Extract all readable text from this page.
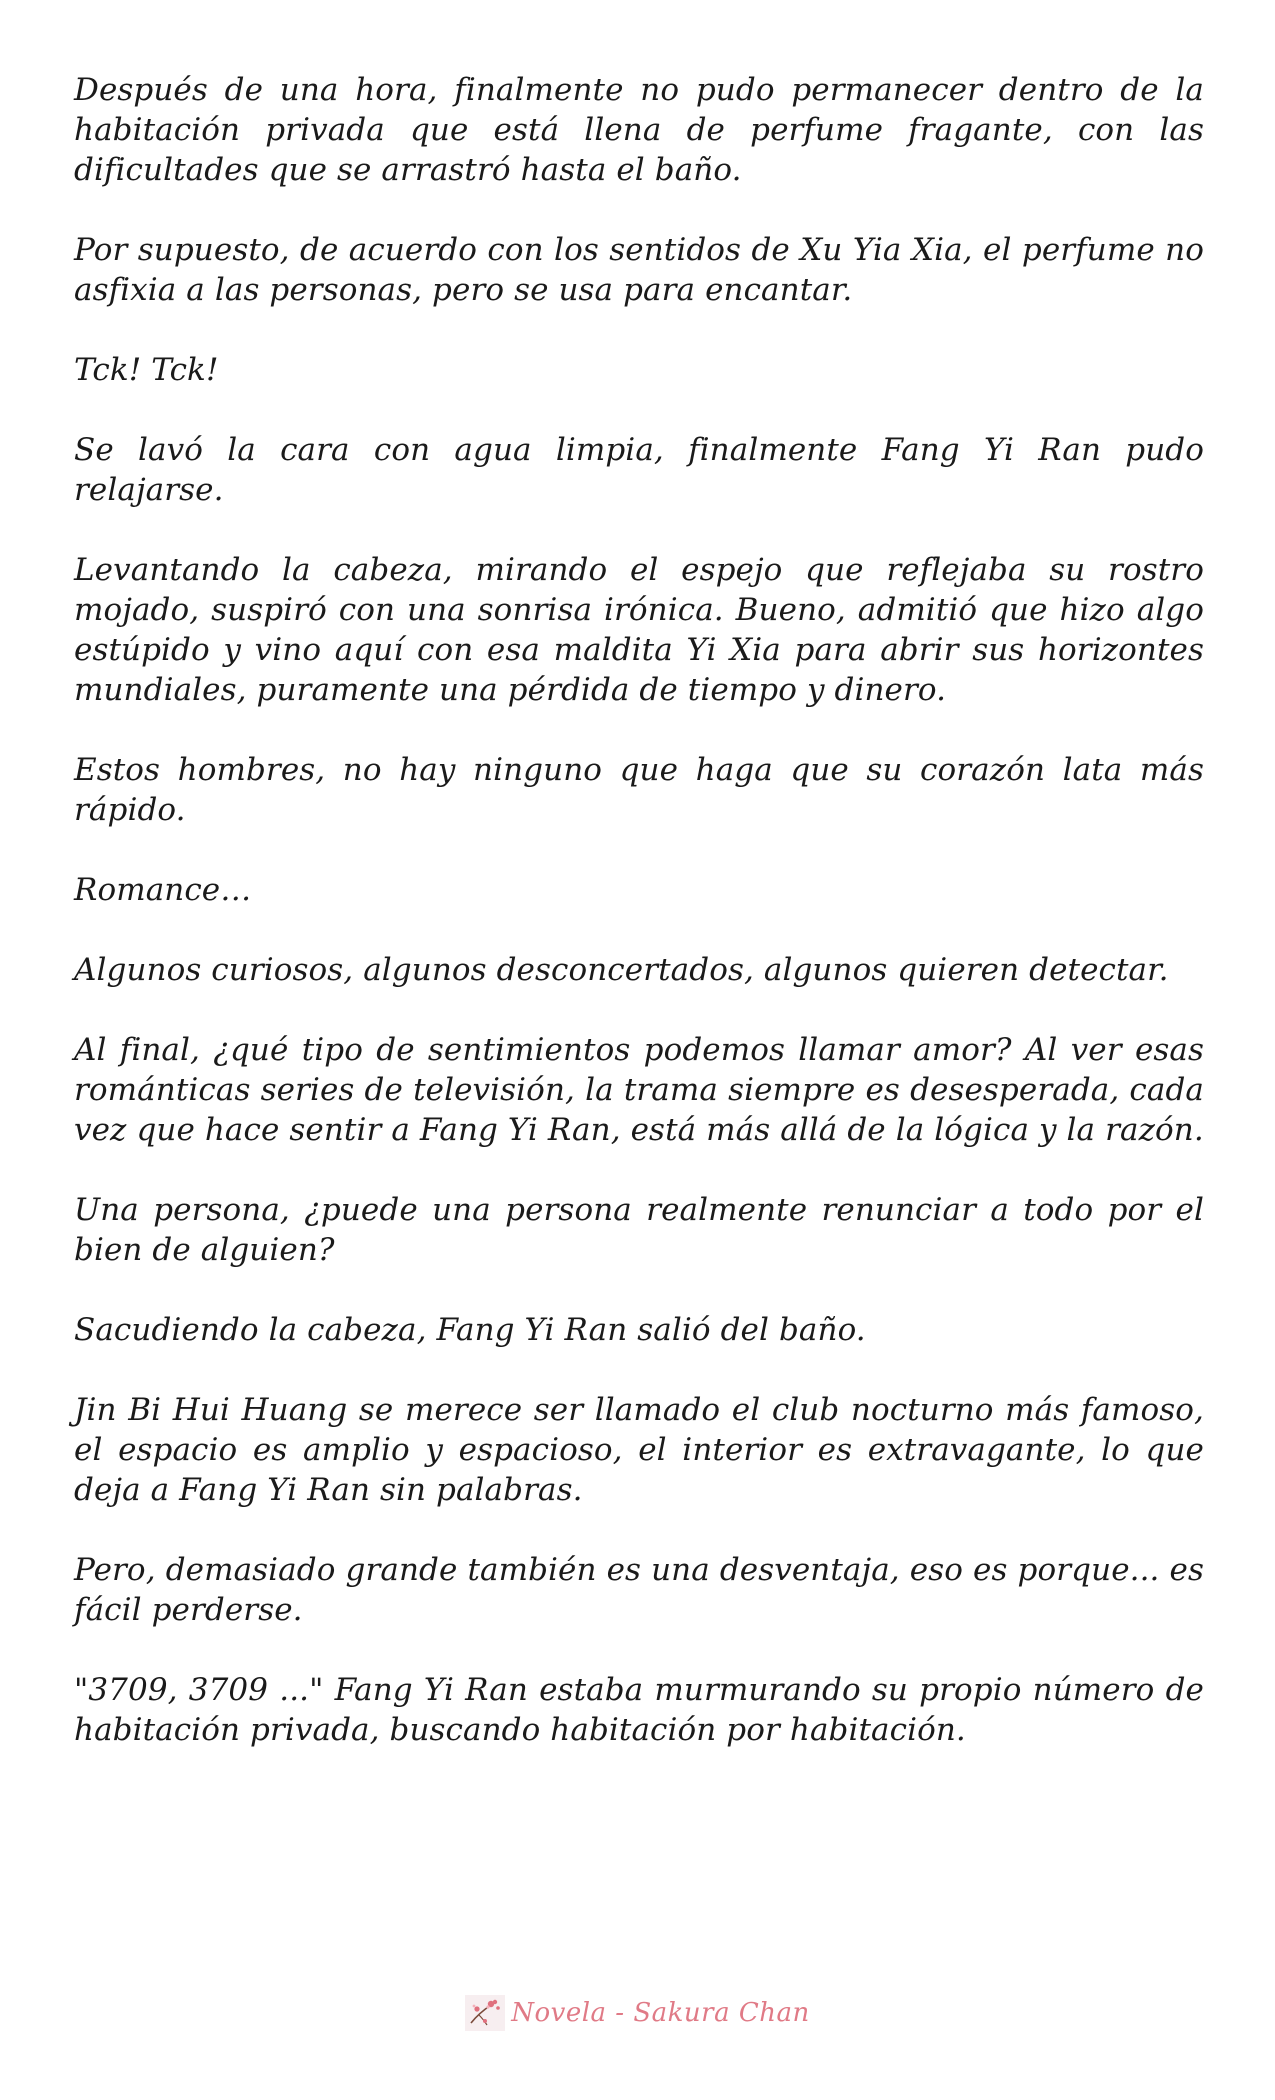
Después de una hora, finalmente no pudo permanecer dentro de la habitación privada que está llena de perfume fragante, con las dificultades que se arrastró hasta el baño.

Por supuesto, de acuerdo con los sentidos de Xu Yia Xia, el perfume no asfixia a las personas, pero se usa para encantar.

Tck! Tck!

Se lavó la cara con agua limpia, finalmente Fang Yi Ran pudo relajarse.

Levantando la cabeza, mirando el espejo que reflejaba su rostro mojado, suspiró con una sonrisa irónica. Bueno, admitió que hizo algo estúpido y vino aquí con esa maldita Yi Xia para abrir sus horizontes mundiales, puramente una pérdida de tiempo y dinero.

Estos hombres, no hay ninguno que haga que su corazón lata más rápido.

Romance…

Algunos curiosos, algunos desconcertados, algunos quieren detectar.

Al final, ¿qué tipo de sentimientos podemos llamar amor? Al ver esas románticas series de televisión, la trama siempre es desesperada, cada vez que hace sentir a Fang Yi Ran, está más allá de la lógica y la razón.

Una persona, ¿puede una persona realmente renunciar a todo por el bien de alguien?

Sacudiendo la cabeza, Fang Yi Ran salió del baño.

Jin Bi Hui Huang se merece ser llamado el club nocturno más famoso, el espacio es amplio y espacioso, el interior es extravagante, lo que deja a Fang Yi Ran sin palabras.

Pero, demasiado grande también es una desventaja, eso es porque... es fácil perderse.

"3709, 3709 ..." Fang Yi Ran estaba murmurando su propio número de habitación privada, buscando habitación por habitación.

Novela - Sakura Chan
